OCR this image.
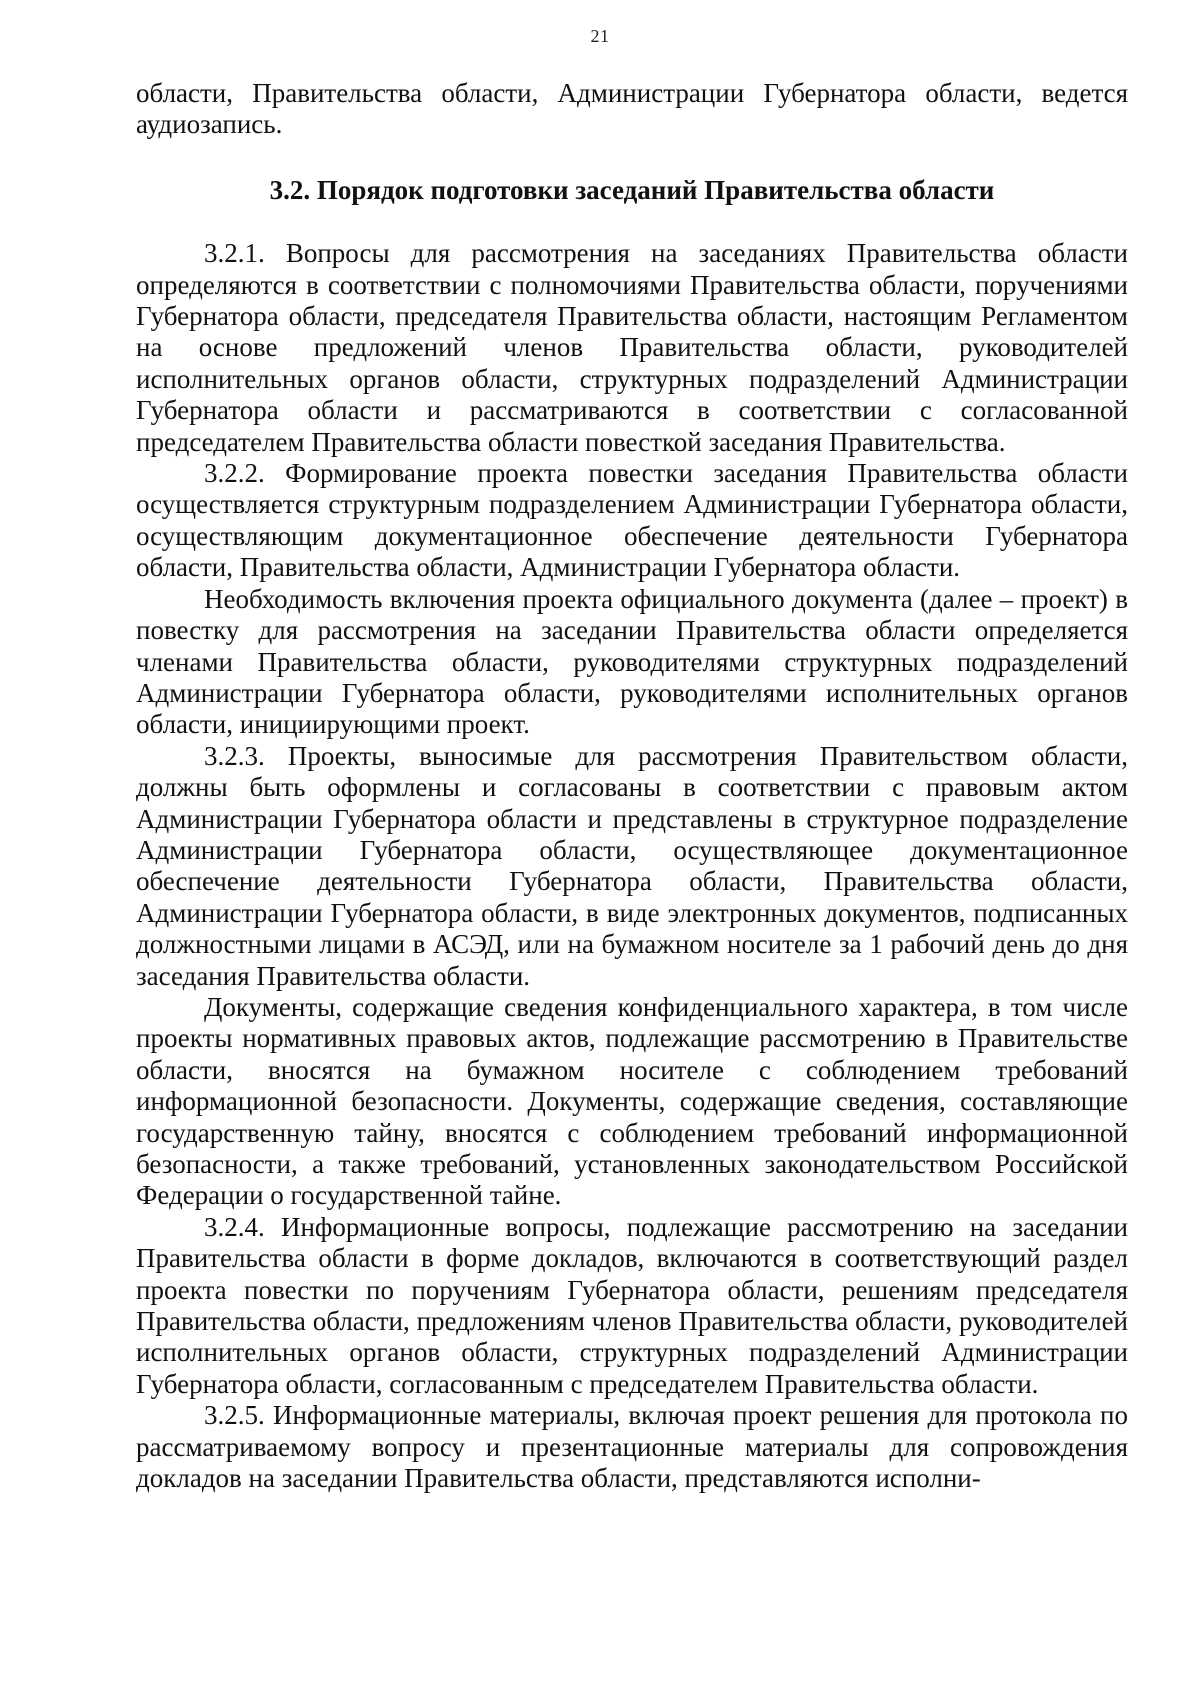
21

области, Правительства области, Администрации Губернатора области, ведется аудиозапись.

3.2. Порядок подготовки заседаний Правительства области

3.2.1. Вопросы для рассмотрения на заседаниях Правительства области определяются в соответствии с полномочиями Правительства области, поручениями Губернатора области, председателя Правительства области, настоящим Регламентом на основе предложений членов Правительства области, руководителей исполнительных органов области, структурных подразделений Администрации Губернатора области и рассматриваются в соответствии с согласованной председателем Правительства области повесткой заседания Правительства.

3.2.2. Формирование проекта повестки заседания Правительства области осуществляется структурным подразделением Администрации Губернатора области, осуществляющим документационное обеспечение деятельности Губернатора области, Правительства области, Администрации Губернатора области.

Необходимость включения проекта официального документа (далее – проект) в повестку для рассмотрения на заседании Правительства области определяется членами Правительства области, руководителями структурных подразделений Администрации Губернатора области, руководителями исполнительных органов области, инициирующими проект.

3.2.3. Проекты, выносимые для рассмотрения Правительством области, должны быть оформлены и согласованы в соответствии с правовым актом Администрации Губернатора области и представлены в структурное подразделение Администрации Губернатора области, осуществляющее документационное обеспечение деятельности Губернатора области, Правительства области, Администрации Губернатора области, в виде электронных документов, подписанных должностными лицами в АСЭД, или на бумажном носителе за 1 рабочий день до дня заседания Правительства области.

Документы, содержащие сведения конфиденциального характера, в том числе проекты нормативных правовых актов, подлежащие рассмотрению в Правительстве области, вносятся на бумажном носителе с соблюдением требований информационной безопасности. Документы, содержащие сведения, составляющие государственную тайну, вносятся с соблюдением требований информационной безопасности, а также требований, установленных законодательством Российской Федерации о государственной тайне.

3.2.4. Информационные вопросы, подлежащие рассмотрению на заседании Правительства области в форме докладов, включаются в соответствующий раздел проекта повестки по поручениям Губернатора области, решениям председателя Правительства области, предложениям членов Правительства области, руководителей исполнительных органов области, структурных подразделений Администрации Губернатора области, согласованным с председателем Правительства области.

3.2.5. Информационные материалы, включая проект решения для протокола по рассматриваемому вопросу и презентационные материалы для сопровождения докладов на заседании Правительства области, представляются исполни-
